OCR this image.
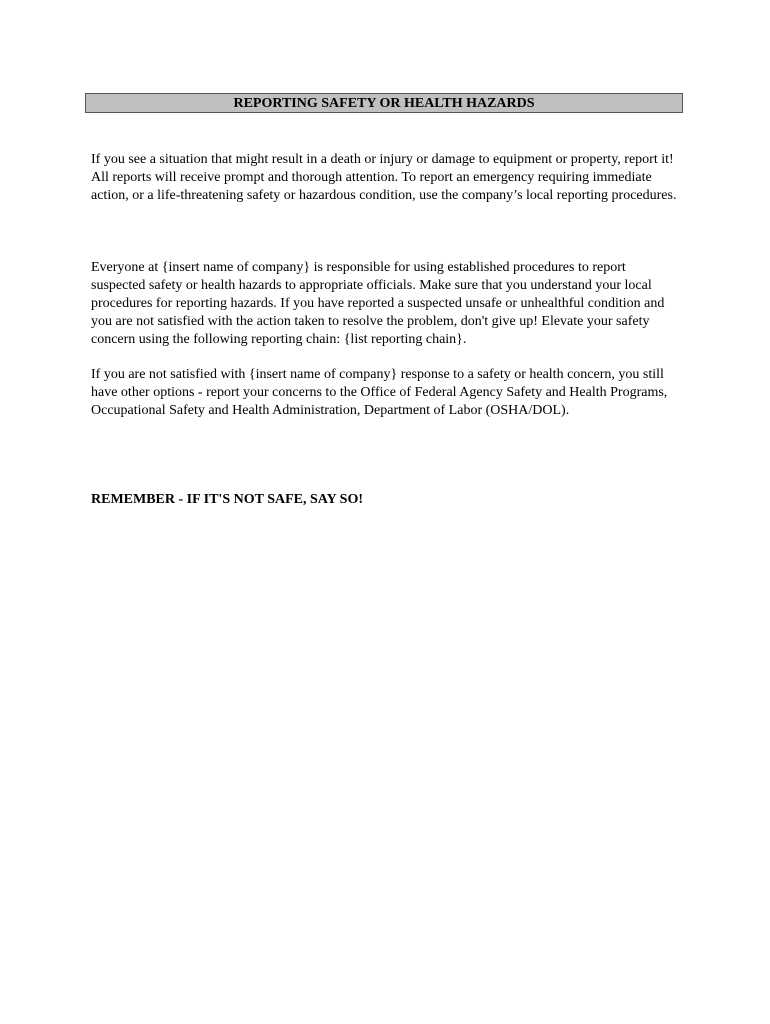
REPORTING SAFETY OR HEALTH HAZARDS

If you see a situation that might result in a death or injury or damage to equipment or property, report it! All reports will receive prompt and thorough attention. To report an emergency requiring immediate action, or a life-threatening safety or hazardous condition, use the company’s local reporting procedures.

Everyone at {insert name of company} is responsible for using established procedures to report suspected safety or health hazards to appropriate officials. Make sure that you understand your local procedures for reporting hazards. If you have reported a suspected unsafe or unhealthful condition and you are not satisfied with the action taken to resolve the problem, don't give up! Elevate your safety concern using the following reporting chain: {list reporting chain}.

If you are not satisfied with {insert name of company} response to a safety or health concern, you still have other options - report your concerns to the Office of Federal Agency Safety and Health Programs, Occupational Safety and Health Administration, Department of Labor (OSHA/DOL).

REMEMBER - IF IT'S NOT SAFE, SAY SO!
